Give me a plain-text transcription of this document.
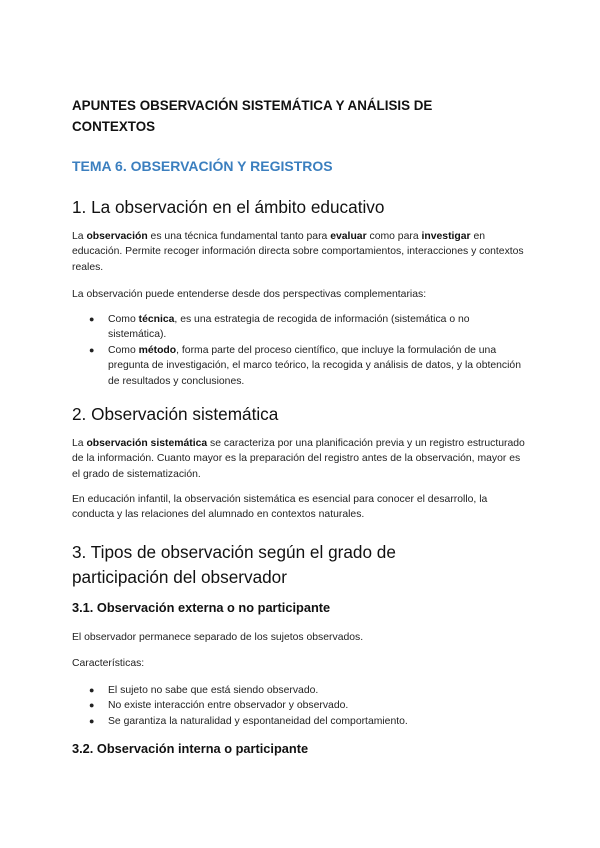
APUNTES OBSERVACIÓN SISTEMÁTICA Y ANÁLISIS DE CONTEXTOS
TEMA 6. OBSERVACIÓN Y REGISTROS
1. La observación en el ámbito educativo

La observación es una técnica fundamental tanto para evaluar como para investigar en educación. Permite recoger información directa sobre comportamientos, interacciones y contextos reales.

La observación puede entenderse desde dos perspectivas complementarias:

● Como técnica, es una estrategia de recogida de información (sistemática o no sistemática).
● Como método, forma parte del proceso científico, que incluye la formulación de una pregunta de investigación, el marco teórico, la recogida y análisis de datos, y la obtención de resultados y conclusiones.
2. Observación sistemática

La observación sistemática se caracteriza por una planificación previa y un registro estructurado de la información. Cuanto mayor es la preparación del registro antes de la observación, mayor es el grado de sistematización.

En educación infantil, la observación sistemática es esencial para conocer el desarrollo, la conducta y las relaciones del alumnado en contextos naturales.

3. Tipos de observación según el grado de participación del observador
3.1. Observación externa o no participante

El observador permanece separado de los sujetos observados.

Características:

● El sujeto no sabe que está siendo observado.
● No existe interacción entre observador y observado.
● Se garantiza la naturalidad y espontaneidad del comportamiento.
3.2. Observación interna o participante
